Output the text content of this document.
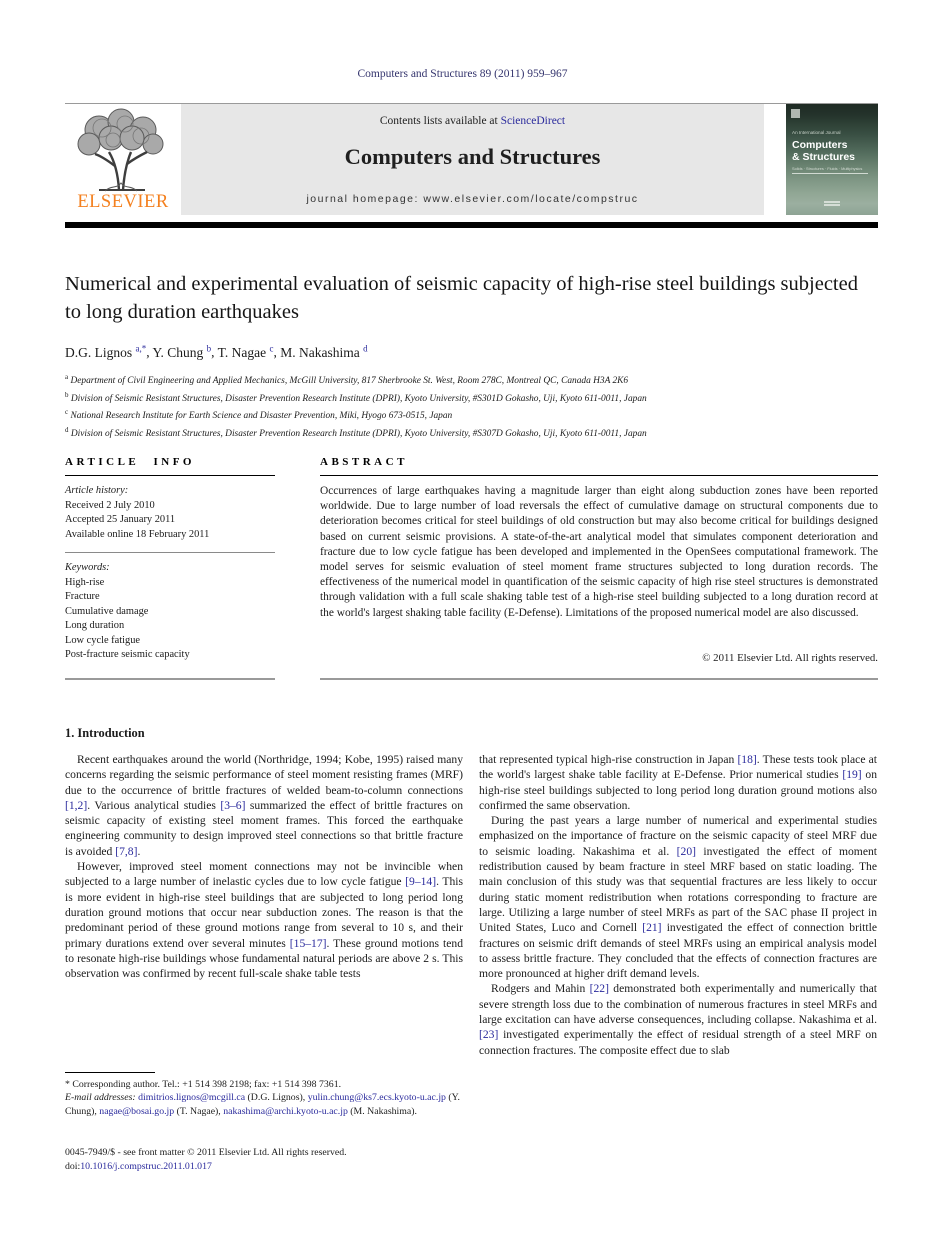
Computers and Structures 89 (2011) 959–967
ELSEVIER
Contents lists available at ScienceDirect
Computers and Structures
journal homepage: www.elsevier.com/locate/compstruc
An International Journal
Computers
& Structures
Solids · Structures · Fluids · Multiphysics
Numerical and experimental evaluation of seismic capacity of high-rise steel buildings subjected to long duration earthquakes
D.G. Lignos $^{a,*}$, Y. Chung $^b$, T. Nagae $^c$, M. Nakashima $^d$
$^a$ Department of Civil Engineering and Applied Mechanics, McGill University, 817 Sherbrooke St. West, Room 278C, Montreal QC, Canada H3A 2K6
$^b$ Division of Seismic Resistant Structures, Disaster Prevention Research Institute (DPRI), Kyoto University, #S301D Gokasho, Uji, Kyoto 611-0011, Japan
$^c$ National Research Institute for Earth Science and Disaster Prevention, Miki, Hyogo 673-0515, Japan
$^d$ Division of Seismic Resistant Structures, Disaster Prevention Research Institute (DPRI), Kyoto University, #S307D Gokasho, Uji, Kyoto 611-0011, Japan
ARTICLE INFO
Article history:
Received 2 July 2010
Accepted 25 January 2011
Available online 18 February 2011
Keywords:
High-rise
Fracture
Cumulative damage
Long duration
Low cycle fatigue
Post-fracture seismic capacity
ABSTRACT
Occurrences of large earthquakes having a magnitude larger than eight along subduction zones have been reported worldwide. Due to large number of load reversals the effect of cumulative damage on structural components due to deterioration becomes critical for steel buildings of old construction but may also become critical for buildings designed based on current seismic provisions. A state-of-the-art analytical model that simulates component deterioration and fracture due to low cycle fatigue has been developed and implemented in the OpenSees computational framework. The model serves for seismic evaluation of steel moment frame structures subjected to long duration records. The effectiveness of the numerical model in quantification of the seismic capacity of high rise steel structures is demonstrated through validation with a full scale shaking table test of a high-rise steel building subjected to a long duration record at the world's largest shaking table facility (E-Defense). Limitations of the proposed numerical model are also discussed.
© 2011 Elsevier Ltd. All rights reserved.
1. Introduction

Recent earthquakes around the world (Northridge, 1994; Kobe, 1995) raised many concerns regarding the seismic performance of steel moment resisting frames (MRF) due to the occurrence of brittle fractures of welded beam-to-column connections [1,2]. Various analytical studies [3–6] summarized the effect of brittle fractures on seismic capacity of existing steel moment frames. This forced the earthquake engineering community to design improved steel connections so that brittle fracture is avoided [7,8].

However, improved steel moment connections may not be invincible when subjected to a large number of inelastic cycles due to low cycle fatigue [9–14]. This is more evident in high-rise steel buildings that are subjected to long period long duration ground motions that occur near subduction zones. The reason is that the predominant period of these ground motions range from several to 10 s, and their primary durations extend over several minutes [15–17]. These ground motions tend to resonate high-rise buildings whose fundamental natural periods are above 2 s. This observation was confirmed by recent full-scale shake table tests

that represented typical high-rise construction in Japan [18]. These tests took place at the world's largest shake table facility at E-Defense. Prior numerical studies [19] on high-rise steel buildings subjected to long period long duration ground motions also confirmed the same observation.

During the past years a large number of numerical and experimental studies emphasized on the importance of fracture on the seismic capacity of steel MRF due to seismic loading. Nakashima et al. [20] investigated the effect of moment redistribution caused by beam fracture in steel MRF based on static loading. The main conclusion of this study was that sequential fractures are less likely to occur during static moment redistribution when rotations corresponding to fracture are large. Utilizing a large number of steel MRFs as part of the SAC phase II project in United States, Luco and Cornell [21] investigated the effect of connection brittle fractures on seismic drift demands of steel MRFs using an empirical analysis model to assess brittle fracture. They concluded that the effects of connection fractures are more pronounced at higher drift demand levels.

Rodgers and Mahin [22] demonstrated both experimentally and numerically that severe strength loss due to the combination of numerous fractures in steel MRFs and large excitation can have adverse consequences, including collapse. Nakashima et al. [23] investigated experimentally the effect of residual strength of a steel MRF on connection fractures. The composite effect due to slab

* Corresponding author. Tel.: +1 514 398 2198; fax: +1 514 398 7361.
E-mail addresses: dimitrios.lignos@mcgill.ca (D.G. Lignos), yulin.chung@ks7.ecs.kyoto-u.ac.jp (Y. Chung), nagae@bosai.go.jp (T. Nagae), nakashima@archi.kyoto-u.ac.jp (M. Nakashima).
0045-7949/$ - see front matter © 2011 Elsevier Ltd. All rights reserved.
doi:10.1016/j.compstruc.2011.01.017
